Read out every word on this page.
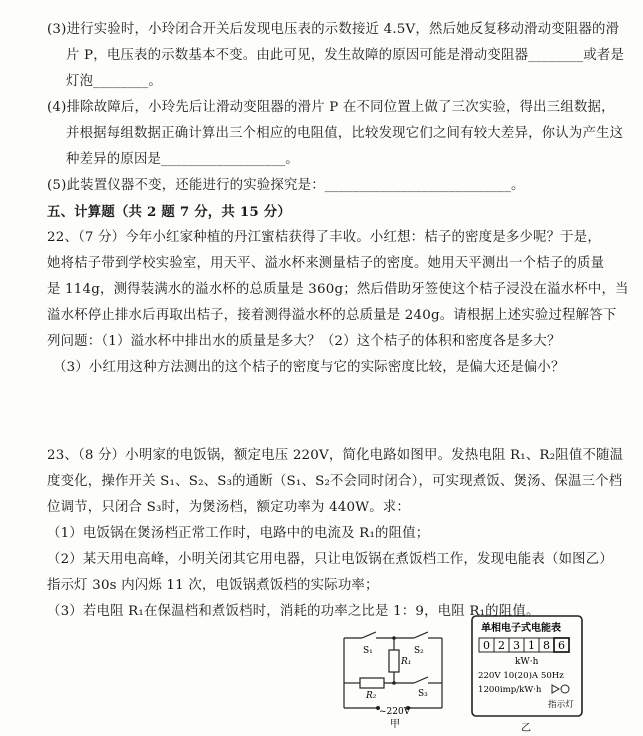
(3)进行实验时，小玲闭合开关后发现电压表的示数接近 4.5V，然后她反复移动滑动变阻器的滑
片 P，电压表的示数基本不变。由此可见，发生故障的原因可能是滑动变阻器________或者是
灯泡________。
(4)排除故障后，小玲先后让滑动变阻器的滑片 P 在不同位置上做了三次实验，得出三组数据，
并根据每组数据正确计算出三个相应的电阻值，比较发现它们之间有较大差异，你认为产生这
种差异的原因是__________________。
(5)此装置仪器不变，还能进行的实验探究是：___________________________。
五、计算题（共 2 题 7 分，共 15 分）
22、（7 分）今年小红家种植的丹江蜜桔获得了丰收。小红想：桔子的密度是多少呢？于是，
她将桔子带到学校实验室，用天平、溢水杯来测量桔子的密度。她用天平测出一个桔子的质量
是 114g，测得装满水的溢水杯的总质量是 360g；然后借助牙签使这个桔子浸没在溢水杯中，当
溢水杯停止排水后再取出桔子，接着测得溢水杯的总质量是 240g。请根据上述实验过程解答下
列问题：（1）溢水杯中排出水的质量是多大？（2）这个桔子的体积和密度各是多大？
（3）小红用这种方法测出的这个桔子的密度与它的实际密度比较，是偏大还是偏小？
23、（8 分）小明家的电饭锅，额定电压 220V，简化电路如图甲。发热电阻 R₁、R₂阻值不随温
度变化，操作开关 S₁、S₂、S₃的通断（S₁、S₂不会同时闭合），可实现煮饭、煲汤、保温三个档
位调节，只闭合 S₃时，为煲汤档，额定功率为 440W。求：
（1）电饭锅在煲汤档正常工作时，电路中的电流及 R₁的阻值；
（2）某天用电高峰，小明关闭其它用电器，只让电饭锅在煮饭档工作，发现电能表（如图乙）
指示灯 30s 内闪烁 11 次，电饭锅煮饭档的实际功率；
（3）若电阻 R₁在保温档和煮饭档时，消耗的功率之比是 1：9，电阻 R₁的阻值。
S₁	S₂
R₁
R₂	S₃
~220V
甲
单相电子式电能表
0 2 3 1 8 6
kW·h
220V 10(20)A 50Hz
1200imp/kW·h
指示灯
乙
